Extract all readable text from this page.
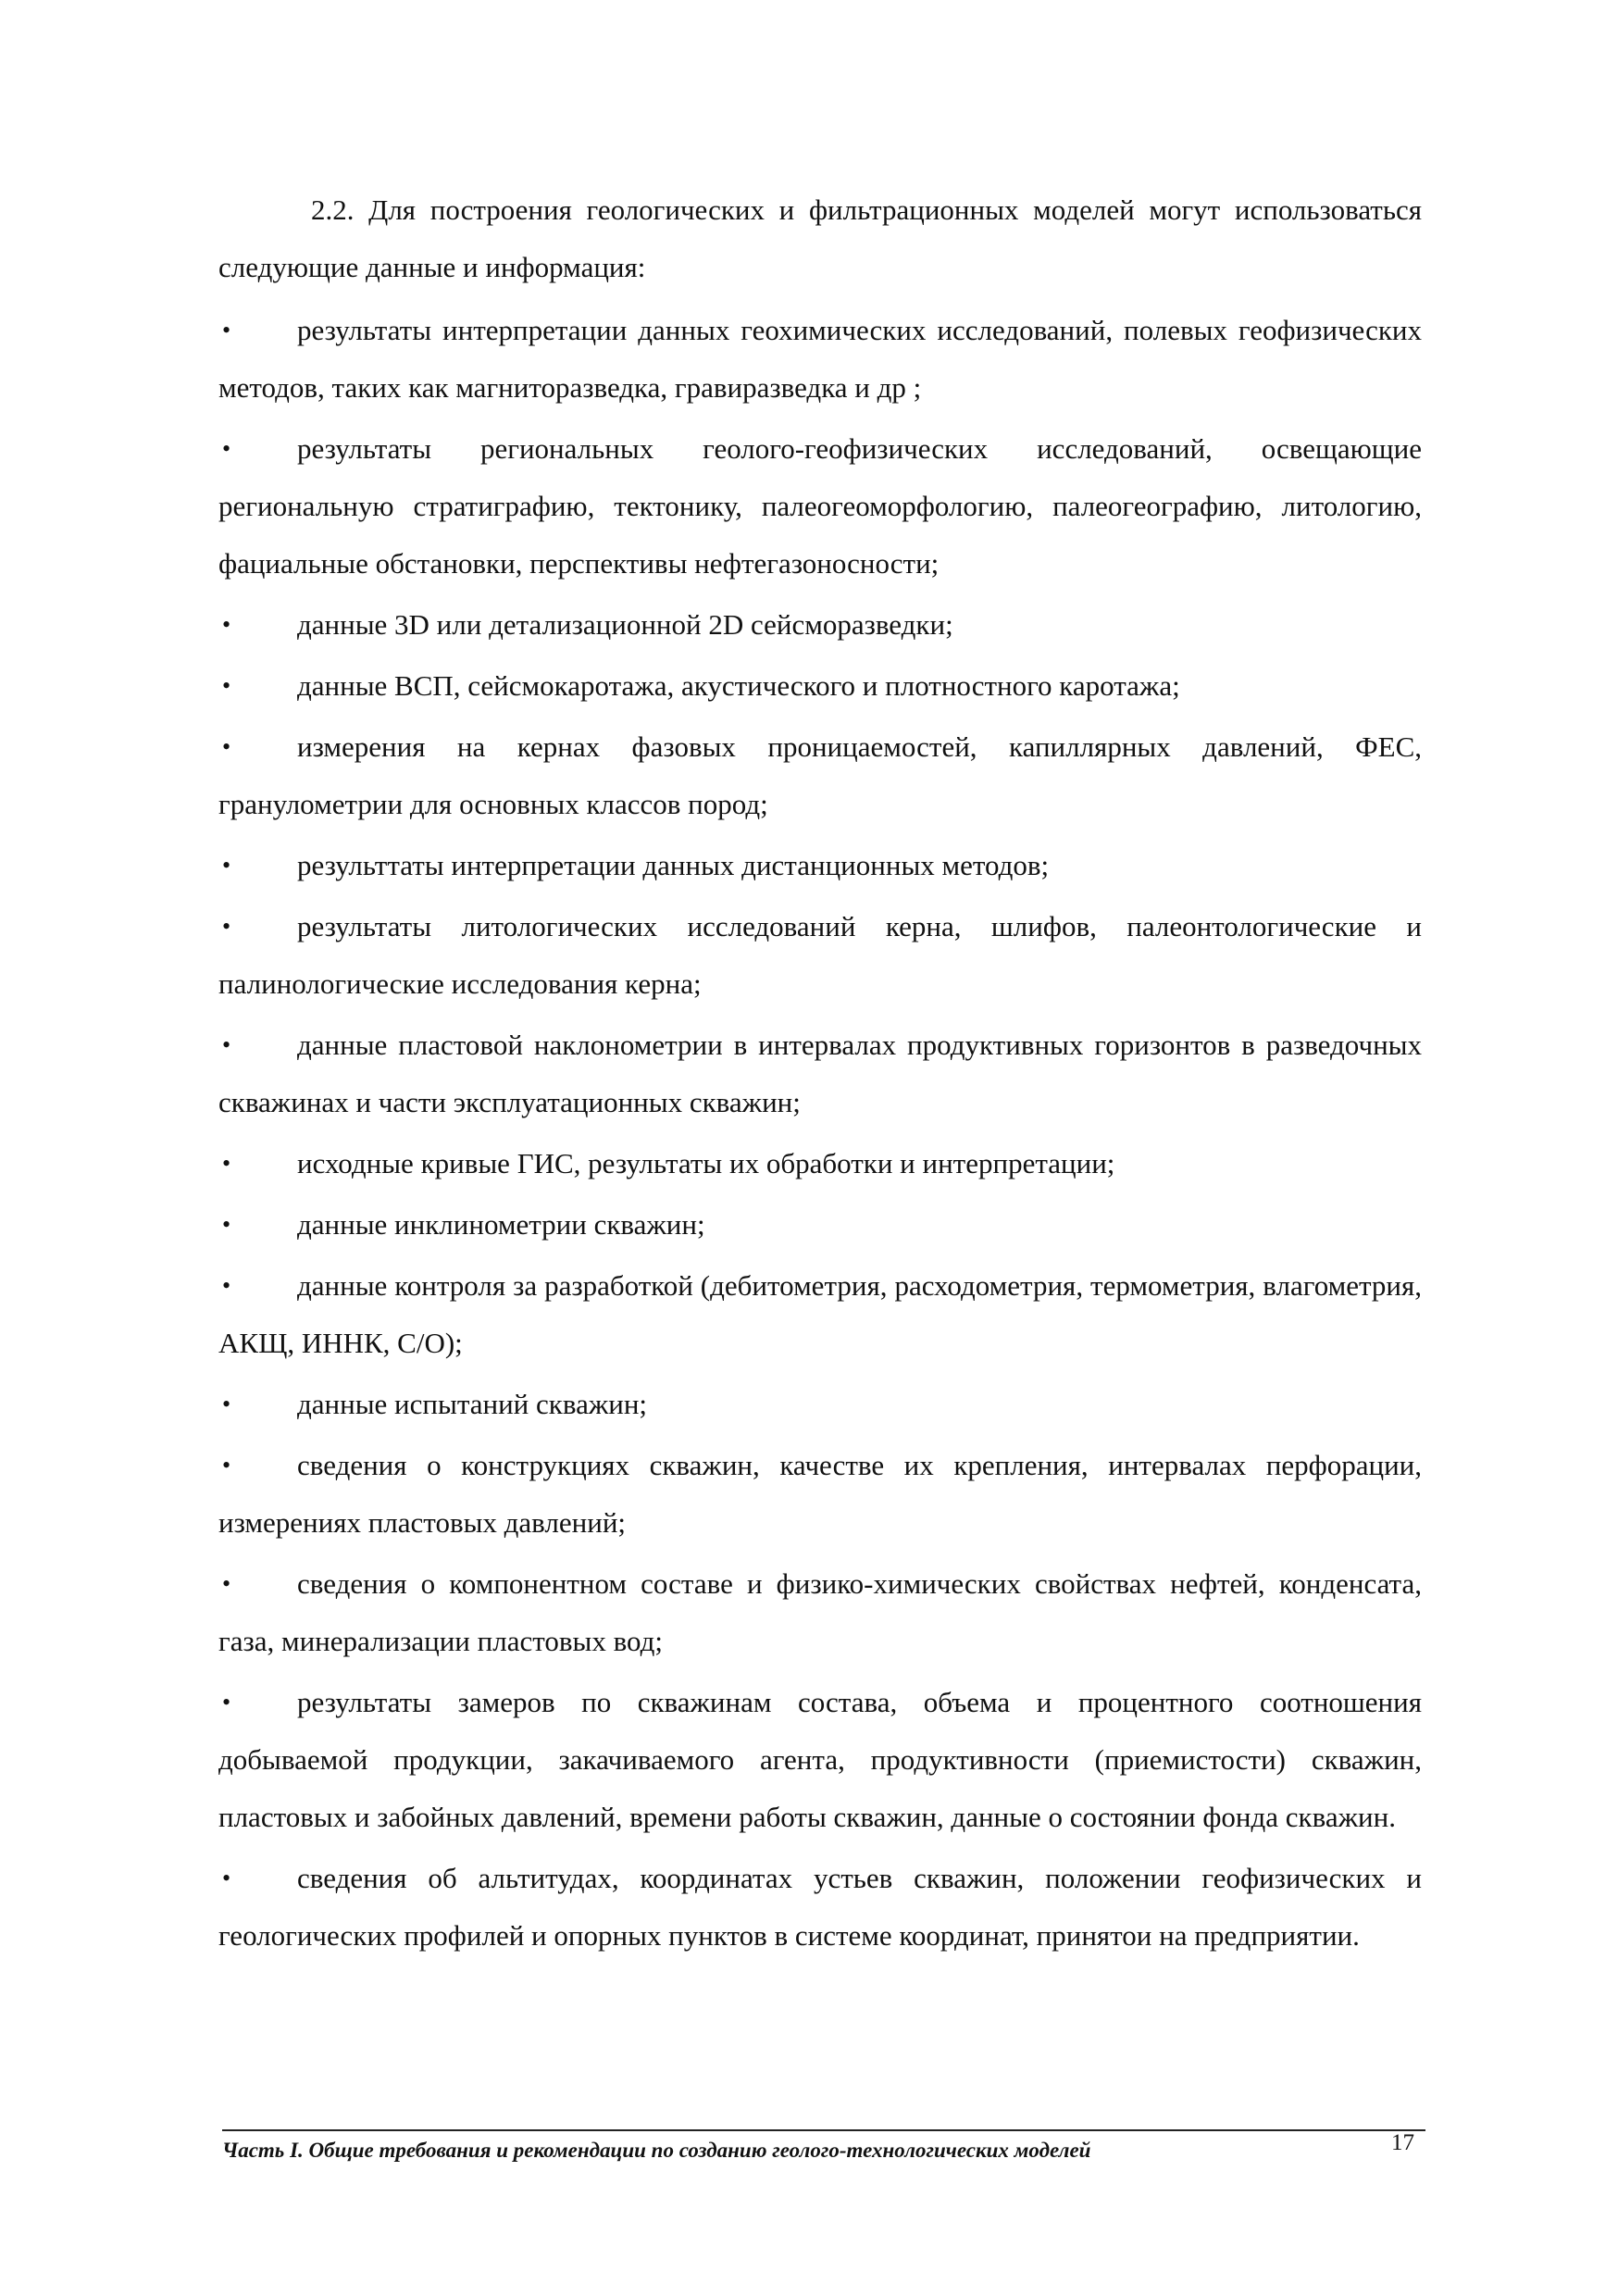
2.2. Для построения геологических и фильтрационных моделей могут использоваться следующие данные и информация:

• результаты интерпретации данных геохимических исследований, полевых геофизических методов, таких как магниторазведка, гравиразведка и др ;
• результаты региональных геолого-геофизических исследований, освещающие региональную стратиграфию, тектонику, палеогеоморфологию, палеогеографию, литологию, фациальные обстановки, перспективы нефтегазоносности;
• данные 3D или детализационной 2D сейсморазведки;
• данные ВСП, сейсмокаротажа, акустического и плотностного каротажа;
• измерения на кернах фазовых проницаемостей, капиллярных давлений, ФЕС, гранулометрии для основных классов пород;
• результтаты интерпретации данных дистанционных методов;
• результаты литологических исследований керна, шлифов, палеонтологические и палинологические исследования керна;
• данные пластовой наклонометрии в интервалах продуктивных горизонтов в разведочных скважинах и части эксплуатационных скважин;
• исходные кривые ГИС, результаты их обработки и интерпретации;
• данные инклинометрии скважин;
• данные контроля за разработкой (дебитометрия, расходометрия, термометрия, влагометрия, АКЩ, ИННК, С/О);
• данные испытаний скважин;
• сведения о конструкциях скважин, качестве их крепления, интервалах перфорации, измерениях пластовых давлений;
• сведения о компонентном составе и физико-химических свойствах нефтей, конденсата, газа, минерализации пластовых вод;
• результаты замеров по скважинам состава, объема и процентного соотношения добываемой продукции, закачиваемого агента, продуктивности (приемистости) скважин, пластовых и забойных давлений, времени работы скважин, данные о состоянии фонда скважин.
• сведения об альтитудах, координатах устьев скважин, положении геофизических и геологических профилей и опорных пунктов в системе координат, принятои на предприятии.
Часть I. Общие требования и рекомендации по созданию геолого-технологических моделей	17
